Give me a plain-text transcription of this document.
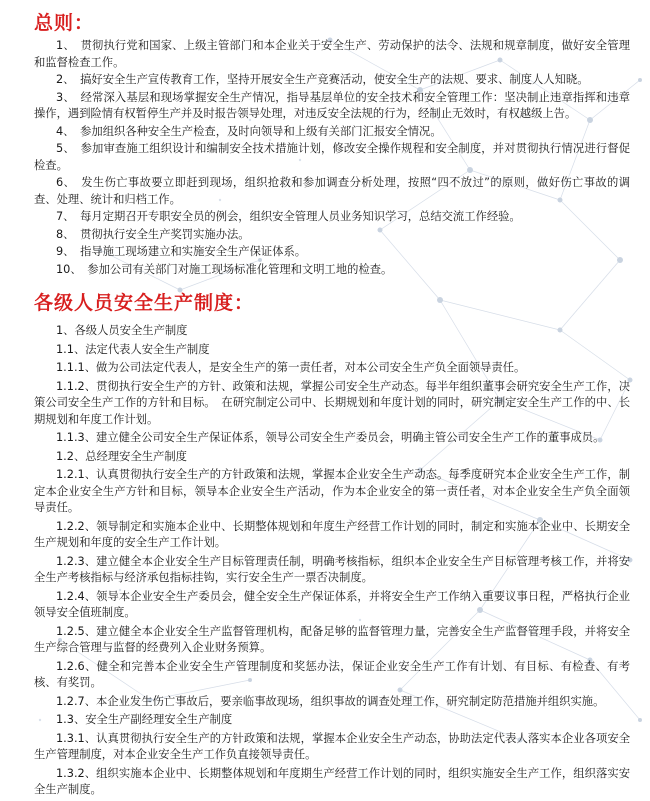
总则：

1、　贯彻执行党和国家、上级主管部门和本企业关于安全生产、劳动保护的法令、法规和规章制度，做好安全管理和监督检查工作。

2、　搞好安全生产宣传教育工作，坚持开展安全生产竞赛活动，使安全生产的法规、要求、制度人人知晓。

3、　经常深入基层和现场掌握安全生产情况，指导基层单位的安全技术和安全管理工作：坚决制止违章指挥和违章操作，遇到险情有权暂停生产并及时报告领导处理，对违反安全法规的行为，经制止无效时，有权越级上告。

4、　参加组织各种安全生产检查，及时向领导和上级有关部门汇报安全情况。

5、　参加审查施工组织设计和编制安全技术措施计划，修改安全操作规程和安全制度，并对贯彻执行情况进行督促检查。

6、　发生伤亡事故要立即赶到现场，组织抢救和参加调查分析处理，按照“四不放过”的原则，做好伤亡事故的调查、处理、统计和归档工作。

7、　每月定期召开专职安全员的例会，组织安全管理人员业务知识学习，总结交流工作经验。

8、　贯彻执行安全生产奖罚实施办法。

9、　指导施工现场建立和实施安全生产保证体系。

10、　参加公司有关部门对施工现场标准化管理和文明工地的检查。

各级人员安全生产制度：

1、各级人员安全生产制度

1.1、法定代表人安全生产制度

1.1.1、做为公司法定代表人，是安全生产的第一责任者，对本公司安全生产负全面领导责任。

1.1.2、贯彻执行安全生产的方针、政策和法规，掌握公司安全生产动态。每半年组织董事会研究安全生产工作，决策公司安全生产工作的方针和目标。　在研究制定公司中、长期规划和年度计划的同时，研究制定安全生产工作的中、长期规划和年度工作计划。

1.1.3、建立健全公司安全生产保证体系，领导公司安全生产委员会，明确主管公司安全生产工作的董事成员。

1.2、总经理安全生产制度

1.2.1、认真贯彻执行安全生产的方针政策和法规，掌握本企业安全生产动态。每季度研究本企业安全生产工作，制定本企业安全生产方针和目标，领导本企业安全生产活动，作为本企业安全的第一责任者，对本企业安全生产负全面领导责任。

1.2.2、领导制定和实施本企业中、长期整体规划和年度生产经营工作计划的同时，制定和实施本企业中、长期安全生产规划和年度的安全生产工作计划。

1.2.3、建立健全本企业安全生产目标管理责任制，明确考核指标，组织本企业安全生产目标管理考核工作，并将安全生产考核指标与经济承包指标挂钩，实行安全生产一票否决制度。

1.2.4、领导本企业安全生产委员会，健全安全生产保证体系，并将安全生产工作纳入重要议事日程，严格执行企业领导安全值班制度。

1.2.5、建立健全本企业安全生产监督管理机构，配备足够的监督管理力量，完善安全生产监督管理手段，并将安全生产综合管理与监督的经费列入企业财务预算。

1.2.6、健全和完善本企业安全生产管理制度和奖惩办法，保证企业安全生产工作有计划、有目标、有检查、有考核、有奖罚。

1.2.7、本企业发生伤亡事故后，要亲临事故现场，组织事故的调查处理工作，研究制定防范措施并组织实施。

1.3、安全生产副经理安全生产制度

1.3.1、认真贯彻执行安全生产的方针政策和法规，掌握本企业安全生产动态，协助法定代表人落实本企业各项安全生产管理制度，对本企业安全生产工作负直接领导责任。

1.3.2、组织实施本企业中、长期整体规划和年度期生产经营工作计划的同时，组织实施安全生产工作，组织落实安全生产制度。
